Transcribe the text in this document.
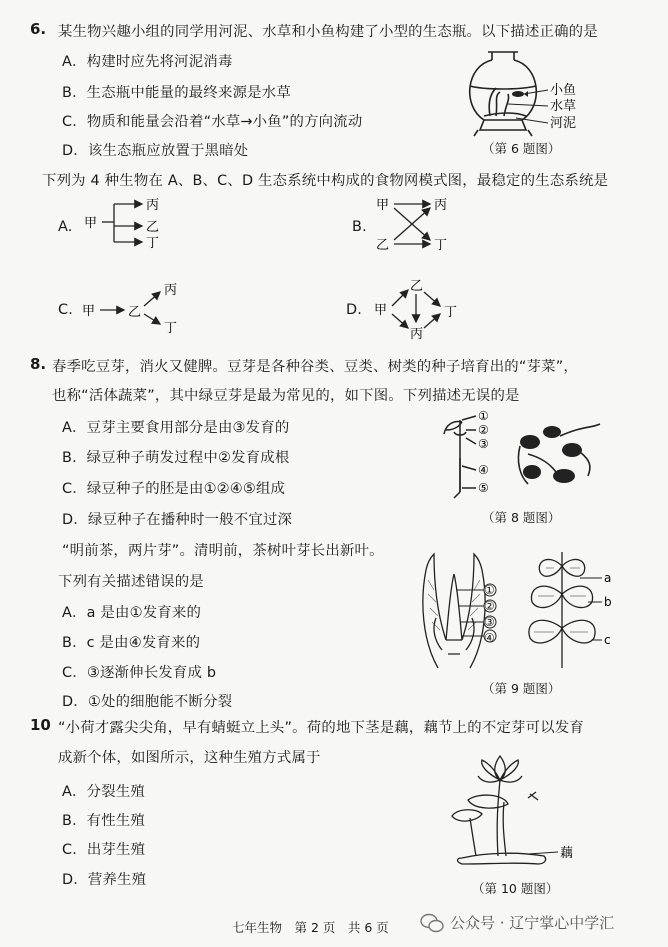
6. 某生物兴趣小组的同学用河泥、水草和小鱼构建了小型的生态瓶。以下描述正确的是
A．构建时应先将河泥消毒
B．生态瓶中能量的最终来源是水草
C．物质和能量会沿着“水草→小鱼”的方向流动
D．该生态瓶应放置于黑暗处
小鱼
水草
河泥
（第 6 题图）
下列为 4 种生物在 A、B、C、D 生态系统中构成的食物网模式图，最稳定的生态系统是
A. 甲
丙
乙
丁
B.
甲	丙
乙	丁
C. 甲	乙
丙
丁
D. 甲
乙
丙
丁
8. 春季吃豆芽，消火又健脾。豆芽是各种谷类、豆类、树类的种子培育出的“芽菜”，
也称“活体蔬菜”，其中绿豆芽是最为常见的，如下图。下列描述无误的是
A．豆芽主要食用部分是由③发育的
B．绿豆种子萌发过程中②发育成根
C．绿豆种子的胚是由①②④⑤组成
D．绿豆种子在播种时一般不宜过深
①
②
③
④
⑤
（第 8 题图）
“明前茶，两片芽”。清明前，茶树叶芽长出新叶。
下列有关描述错误的是
A．a 是由①发育来的
B．c 是由④发育来的
C．③逐渐伸长发育成 b
D．①处的细胞能不断分裂
①
②
③
④
a
b
c
（第 9 题图）
10 “小荷才露尖尖角，早有蜻蜓立上头”。荷的地下茎是藕，藕节上的不定芽可以发育
成新个体，如图所示，这种生殖方式属于
A．分裂生殖
B．有性生殖
C．出芽生殖
D．营养生殖
藕
（第 10 题图）
七年生物　第 2 页　共 6 页	公众号 · 辽宁掌心中学汇
